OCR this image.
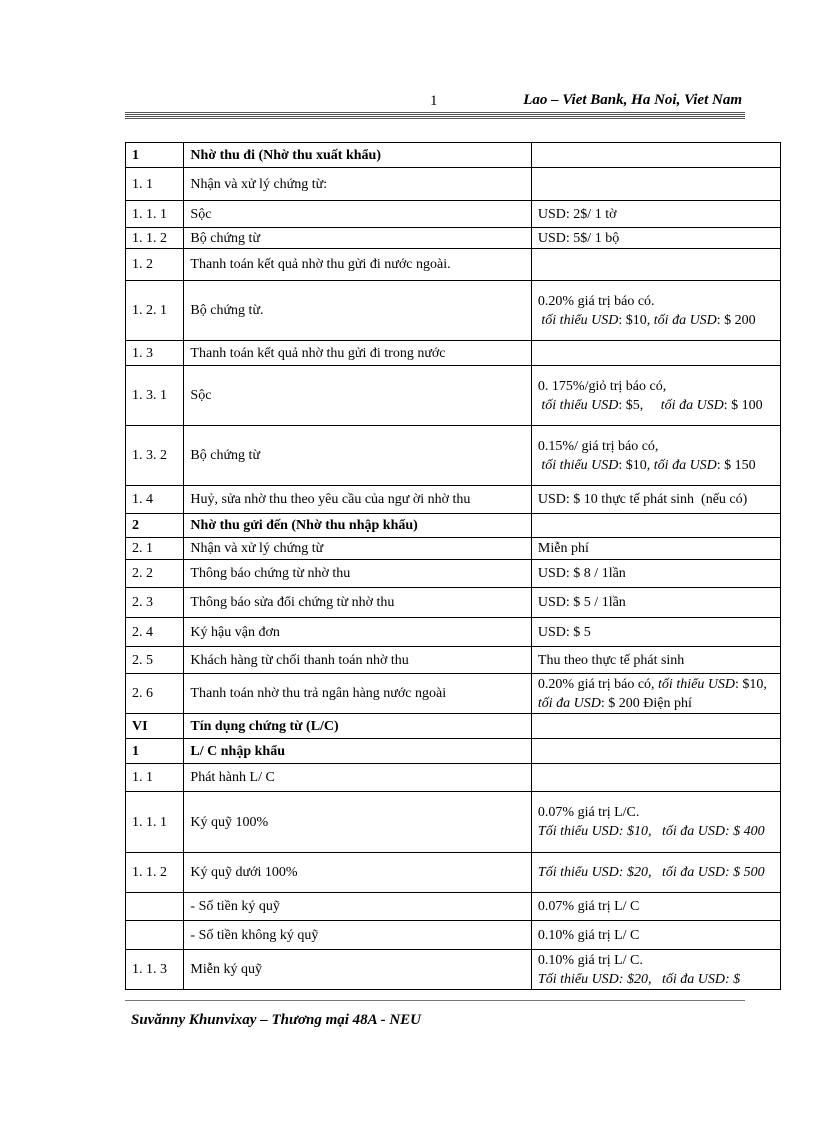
1	Lao – Viet Bank, Ha Noi, Viet Nam
1	Nhờ thu đi (Nhờ thu xuất khẩu)	
1. 1	Nhận và xử lý chứng từ:	
1. 1. 1	Sộc	USD: 2$/ 1 tờ
1. 1. 2	Bộ chứng từ	USD: 5$/ 1 bộ
1. 2	Thanh toán kết quả nhờ thu gửi đi nước ngoài.	
1. 2. 1	Bộ chứng từ.	0.20% giá trị báo có.
tối thiểu USD: $10, tối đa USD: $ 200
1. 3	Thanh toán kết quả nhờ thu gửi đi trong nước	
1. 3. 1	Sộc	0. 175%/giỏ trị báo có,
tối thiểu USD: $5,     tối đa USD: $ 100
1. 3. 2	Bộ chứng từ	0.15%/ giá trị báo có,
tối thiểu USD: $10, tối đa USD: $ 150
1. 4	Huỷ, sửa nhờ thu theo yêu cầu của ngư ời nhờ thu	USD: $ 10 thực tế phát sinh  (nếu có)
2	Nhờ thu gửi đến (Nhờ thu nhập khẩu)	
2. 1	Nhận và xử lý chứng từ	Miễn phí
2. 2	Thông báo chứng từ nhờ thu	USD: $ 8 / 1lần
2. 3	Thông báo sửa đổi chứng từ nhờ thu	USD: $ 5 / 1lần
2. 4	Ký hậu vận đơn	USD: $ 5
2. 5	Khách hàng từ chối thanh toán nhờ thu	Thu theo thực tế phát sinh
2. 6	Thanh toán nhờ thu trả ngân hàng nước ngoài	0.20% giá trị báo có, tối thiểu USD: $10, tối đa USD: $ 200 Điện phí
VI	Tín dụng chứng từ (L/C)	
1	L/ C nhập khẩu	
1. 1	Phát hành L/ C	
1. 1. 1	Ký quỹ 100%	0.07% giá trị L/C.
Tối thiểu USD: $10,   tối đa USD: $ 400
1. 1. 2	Ký quỹ dưới 100%	Tối thiểu USD: $20,   tối đa USD: $ 500
	- Số tiền ký quỹ	0.07% giá trị L/ C
	- Số tiền không ký quỹ	0.10% giá trị L/ C
1. 1. 3	Miễn ký quỹ	0.10% giá trị L/ C.
Tối thiểu USD: $20,   tối đa USD: $
Suvănny Khunvixay – Thương mại 48A - NEU
